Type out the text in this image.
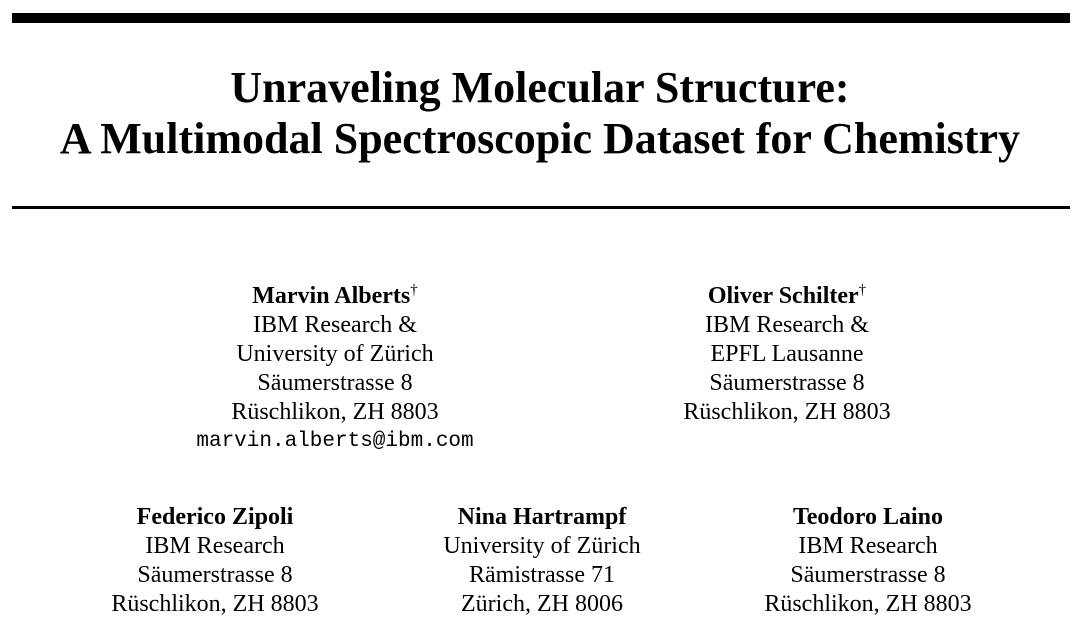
Unraveling Molecular Structure:
A Multimodal Spectroscopic Dataset for Chemistry
Marvin Alberts†
IBM Research &
University of Zürich
Säumerstrasse 8
Rüschlikon, ZH 8803
marvin.alberts@ibm.com
Oliver Schilter†
IBM Research &
EPFL Lausanne
Säumerstrasse 8
Rüschlikon, ZH 8803
Federico Zipoli
IBM Research
Säumerstrasse 8
Rüschlikon, ZH 8803
Nina Hartrampf
University of Zürich
Rämistrasse 71
Zürich, ZH 8006
Teodoro Laino
IBM Research
Säumerstrasse 8
Rüschlikon, ZH 8803
